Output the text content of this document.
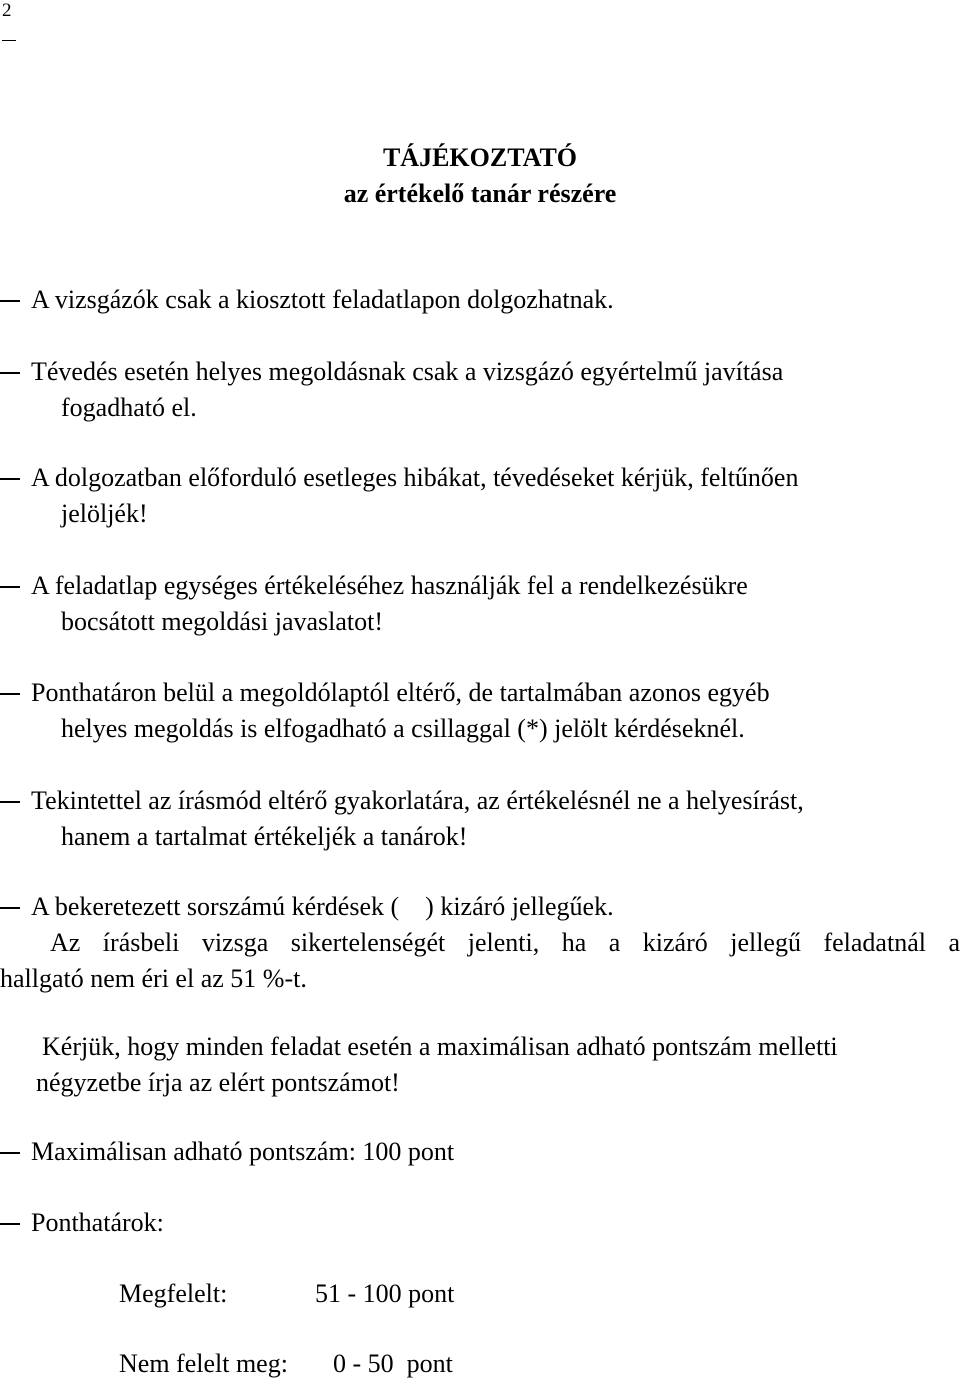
2
TÁJÉKOZTATÓ
az értékelő tanár részére
A vizsgázók csak a kiosztott feladatlapon dolgozhatnak.
Tévedés esetén helyes megoldásnak csak a vizsgázó egyértelmű javítása
fogadható el.
A dolgozatban előforduló esetleges hibákat, tévedéseket kérjük, feltűnően
jelöljék!
A feladatlap egységes értékeléséhez használják fel a rendelkezésükre
bocsátott megoldási javaslatot!
Ponthatáron belül a megoldólaptól eltérő, de tartalmában azonos egyéb
helyes megoldás is elfogadható a csillaggal (*) jelölt kérdéseknél.
Tekintettel az írásmód eltérő gyakorlatára, az értékelésnél ne a helyesírást,
hanem a tartalmat értékeljék a tanárok!
A bekeretezett sorszámú kérdések ( ) kizáró jellegűek.
Az írásbeli vizsga sikertelenségét jelenti, ha a kizáró jellegű feladatnál a
hallgató nem éri el az 51 %-t.
Kérjük, hogy minden feladat esetén a maximálisan adható pontszám melletti
négyzetbe írja az elért pontszámot!
Maximálisan adható pontszám: 100 pont
Ponthatárok:
Megfelelt:	51 - 100 pont
Nem felelt meg: 0 - 50  pont
